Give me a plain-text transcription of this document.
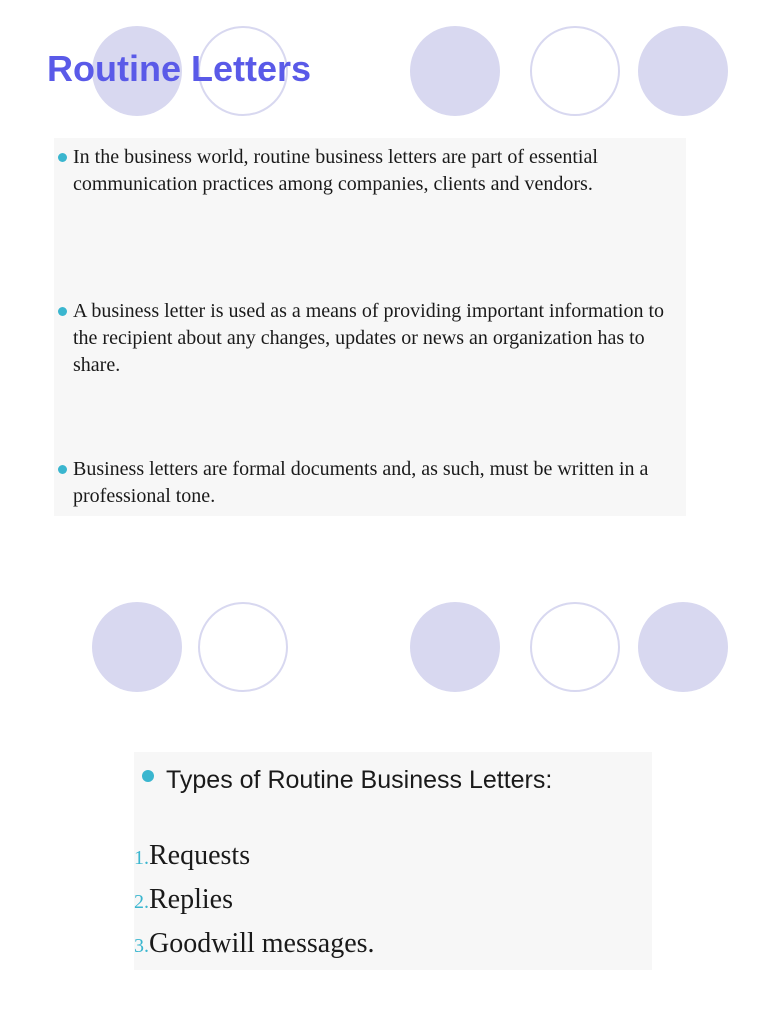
Routine Letters
In the business world, routine business letters are part of essential communication practices among companies, clients and vendors.
A business letter is used as a means of providing important information to the recipient about any changes, updates or news an organization has to share.
Business letters are formal documents and, as such, must be written in a professional tone.
Types of Routine Business Letters:
1.Requests
2.Replies
3.Goodwill messages.
